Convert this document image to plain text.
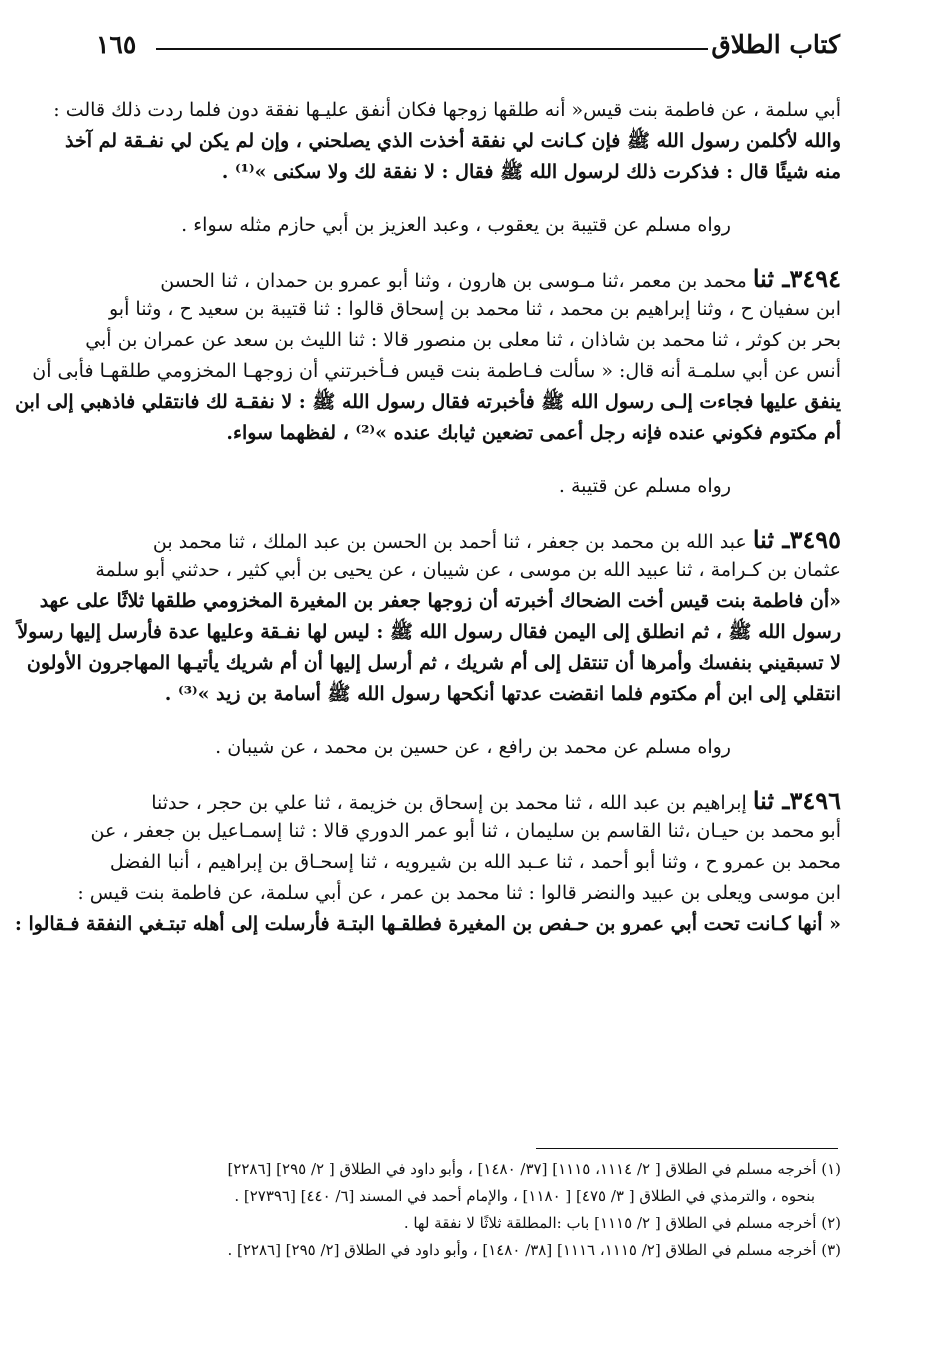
كتاب الطلاق
١٦٥
أبي سلمة ، عن فاطمة بنت قيس« أنه طلقها زوجها فكان أنفق عليـها نفقة دون فلما ردت ذلك قالت :
والله لأكلمن رسول الله ﷺ فإن كـانت لي نفقة أخذت الذي يصلحني ، وإن لم يكن لي نفـقة لم آخذ
منه شيئًا قال : فذكرت ذلك لرسول الله ﷺ فقال : لا نفقة لك ولا سكنى »⁽¹⁾ .
رواه مسلم عن قتيبة بن يعقوب ، وعبد العزيز بن أبي حازم مثله سواء .
٣٤٩٤ـ ثنا محمد بن معمر ،ثنا مـوسى بن هارون ، وثنا أبو عمرو بن حمدان ، ثنا الحسن
ابن سفيان ح ، وثنا إبراهيم بن محمد ، ثنا محمد بن إسحاق قالوا : ثنا قتيبة بن سعيد ح ، وثنا أبو
بحر بن كوثر ، ثنا محمد بن شاذان ، ثنا معلى بن منصور قالا : ثنا الليث بن سعد عن عمران بن أبي
أنس عن أبي سلمـة أنه قال: « سألت فـاطمة بنت قيس فـأخبرتني أن زوجهـا المخزومي طلقهـا فأبى أن
ينفق عليها فجاءت إلـى رسول الله ﷺ فأخبرته فقال رسول الله ﷺ : لا نفقـة لك فانتقلي فاذهبي إلى ابن
أم مكتوم فكوني عنده فإنه رجل أعمى تضعين ثيابك عنده »⁽²⁾ ، لفظهما سواء.
رواه مسلم عن قتيبة .
٣٤٩٥ـ ثنا عبد الله بن محمد بن جعفر ، ثنا أحمد بن الحسن بن عبد الملك ، ثنا محمد بن
عثمان بن كـرامة ، ثنا عبيد الله بن موسى ، عن شيبان ، عن يحيى بن أبي كثير ، حدثني أبو سلمة
«أن فاطمة بنت قيس أخت الضحاك أخبرته أن زوجها جعفر بن المغيرة المخزومي طلقها ثلاثًا على عهد
رسول الله ﷺ ، ثم انطلق إلى اليمن فقال رسول الله ﷺ : ليس لها نفـقة وعليها عدة فأرسل إليها رسولاً
لا تسبقيني بنفسك وأمرها أن تنتقل إلى أم شريك ، ثم أرسل إليها أن أم شريك يأتيـها المهاجرون الأولون
انتقلي إلى ابن أم مكتوم فلما انقضت عدتها أنكحها رسول الله ﷺ أسامة بن زيد »⁽³⁾ .
رواه مسلم عن محمد بن رافع ، عن حسين بن محمد ، عن شيبان .
٣٤٩٦ـ ثنا إبراهيم بن عبد الله ، ثنا محمد بن إسحاق بن خزيمة ، ثنا علي بن حجر ، حدثنا
أبو محمد بن حيـان ،ثنا القاسم بن سليمان ، ثنا أبو عمر الدوري قالا : ثنا إسمـاعيل بن جعفر ، عن
محمد بن عمرو ح ، وثنا أبو أحمد ، ثنا عـبد الله بن شيرويه ، ثنا إسحـاق بن إبراهيم ، أنبا الفضل
ابن موسى ويعلى بن عبيد والنضر قالوا : ثنا محمد بن عمر ، عن أبي سلمة، عن فاطمة بنت قيس :
« أنها كـانت تحت أبي عمرو بن حـفص بن المغيرة فطلقـها البتـة فأرسلت إلى أهله تبتـغي النفقة فـقالوا :
(١) أخرجه مسلم في الطلاق [ ٢/ ١١١٤، ١١١٥] [٣٧/ ١٤٨٠] ، وأبو داود في الطلاق [ ٢/ ٢٩٥] [٢٢٨٦]
بنحوه ، والترمذي في الطلاق [ ٣/ ٤٧٥] [ ١١٨٠] ، والإمام أحمد في المسند [٦/ ٤٤٠] [٢٧٣٩٦] .
(٢) أخرجه مسلم في الطلاق [ ٢/ ١١١٥] باب :المطلقة ثلاثًا لا نفقة لها .
(٣) أخرجه مسلم في الطلاق [٢/ ١١١٥، ١١١٦] [٣٨/ ١٤٨٠] ، وأبو داود في الطلاق [٢/ ٢٩٥] [٢٢٨٦] .
